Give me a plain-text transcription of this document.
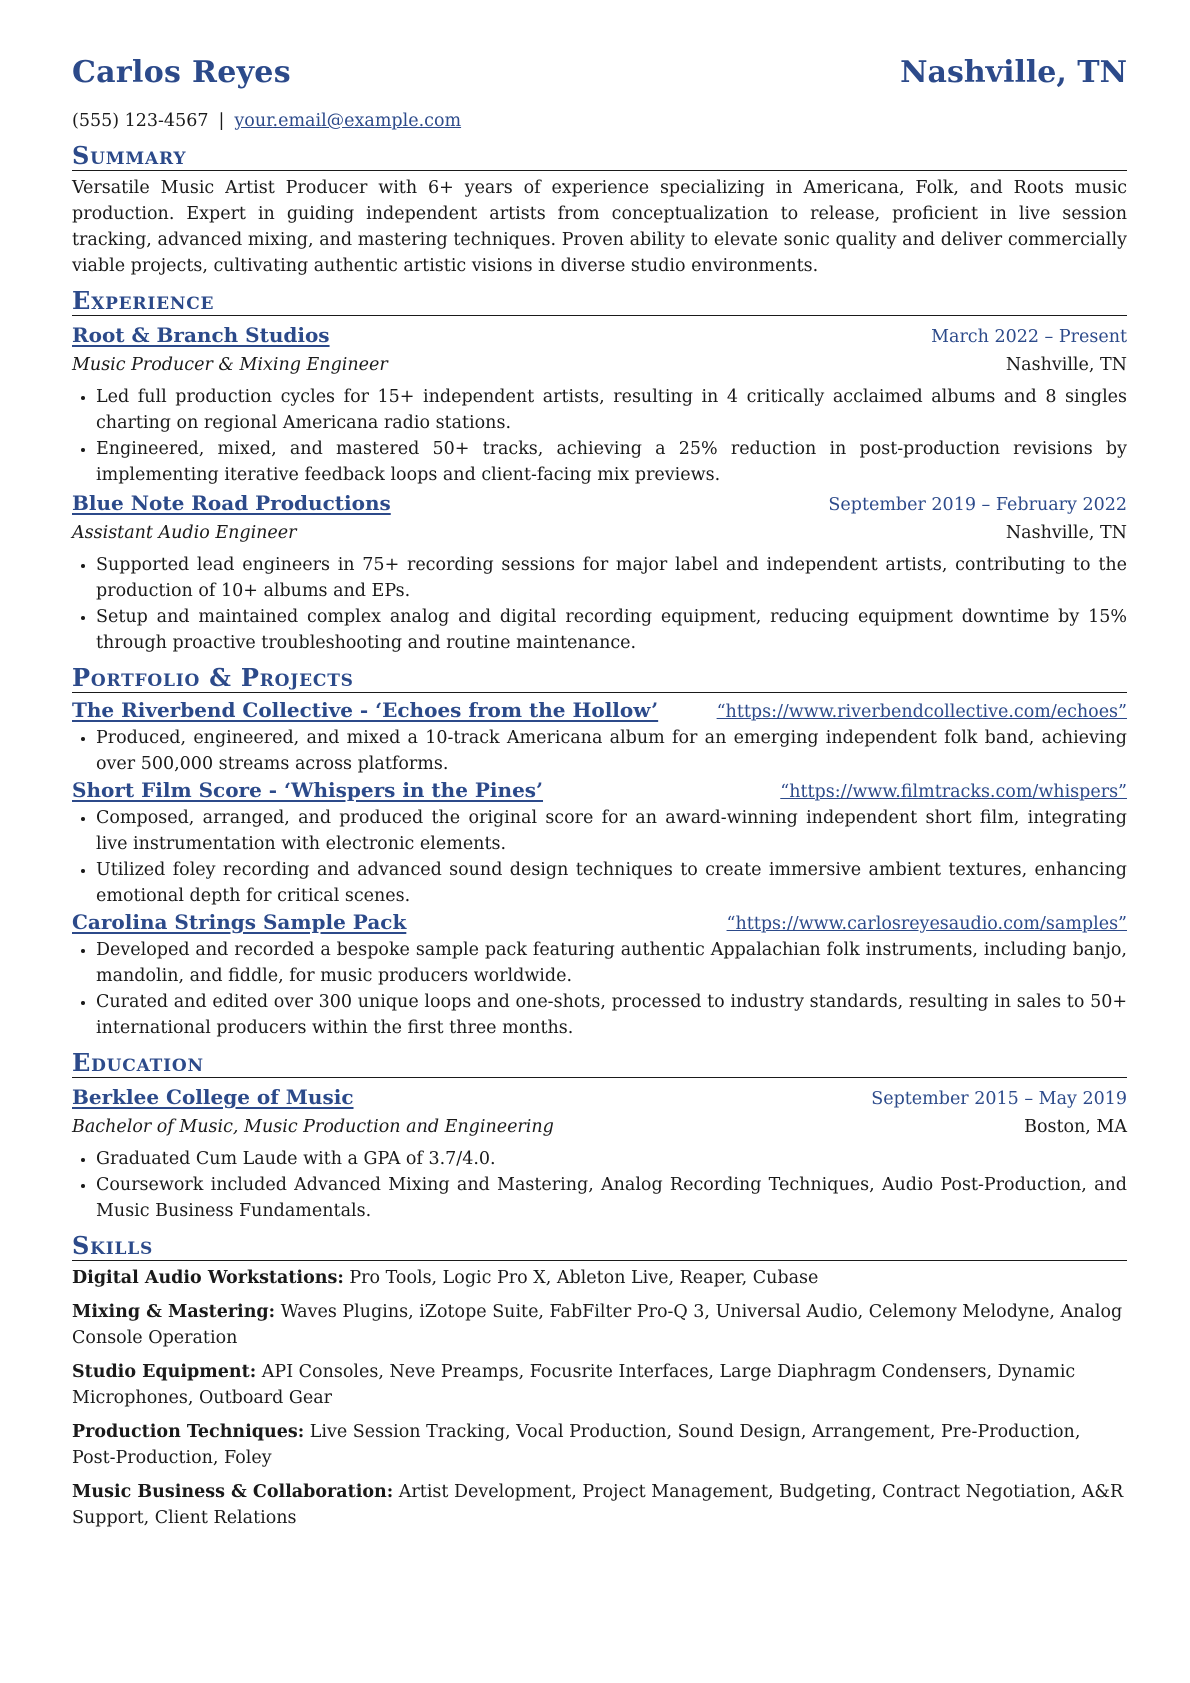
Carlos Reyes	Nashville, TN
(555) 123-4567 | your.email@example.com
Summary
Versatile Music Artist Producer with 6+ years of experience specializing in Americana, Folk, and Roots music production. Expert in guiding independent artists from conceptualization to release, proficient in live session tracking, advanced mixing, and mastering techniques. Proven ability to elevate sonic quality and deliver commercially viable projects, cultivating authentic artistic visions in diverse studio environments.
Experience
Root & Branch Studios	March 2022 – Present
Music Producer & Mixing Engineer	Nashville, TN
• Led full production cycles for 15+ independent artists, resulting in 4 critically acclaimed albums and 8 singles charting on regional Americana radio stations.
• Engineered, mixed, and mastered 50+ tracks, achieving a 25% reduction in post-production revisions by implementing iterative feedback loops and client-facing mix previews.
Blue Note Road Productions	September 2019 – February 2022
Assistant Audio Engineer	Nashville, TN
• Supported lead engineers in 75+ recording sessions for major label and independent artists, contributing to the production of 10+ albums and EPs.
• Setup and maintained complex analog and digital recording equipment, reducing equipment downtime by 15% through proactive troubleshooting and routine maintenance.
Portfolio & Projects
The Riverbend Collective - ‘Echoes from the Hollow’	“https://www.riverbendcollective.com/echoes”
• Produced, engineered, and mixed a 10-track Americana album for an emerging independent folk band, achieving over 500,000 streams across platforms.
Short Film Score - ‘Whispers in the Pines’	“https://www.filmtracks.com/whispers”
• Composed, arranged, and produced the original score for an award-winning independent short film, integrating live instrumentation with electronic elements.
• Utilized foley recording and advanced sound design techniques to create immersive ambient textures, enhancing emotional depth for critical scenes.
Carolina Strings Sample Pack	“https://www.carlosreyesaudio.com/samples”
• Developed and recorded a bespoke sample pack featuring authentic Appalachian folk instruments, including banjo, mandolin, and fiddle, for music producers worldwide.
• Curated and edited over 300 unique loops and one-shots, processed to industry standards, resulting in sales to 50+ international producers within the first three months.
Education
Berklee College of Music	September 2015 – May 2019
Bachelor of Music, Music Production and Engineering	Boston, MA
• Graduated Cum Laude with a GPA of 3.7/4.0.
• Coursework included Advanced Mixing and Mastering, Analog Recording Techniques, Audio Post-Production, and Music Business Fundamentals.
Skills
Digital Audio Workstations: Pro Tools, Logic Pro X, Ableton Live, Reaper, Cubase
Mixing & Mastering: Waves Plugins, iZotope Suite, FabFilter Pro-Q 3, Universal Audio, Celemony Melodyne, Analog Console Operation
Studio Equipment: API Consoles, Neve Preamps, Focusrite Interfaces, Large Diaphragm Condensers, Dynamic Microphones, Outboard Gear
Production Techniques: Live Session Tracking, Vocal Production, Sound Design, Arrangement, Pre-Production, Post-Production, Foley
Music Business & Collaboration: Artist Development, Project Management, Budgeting, Contract Negotiation, A&R Support, Client Relations
